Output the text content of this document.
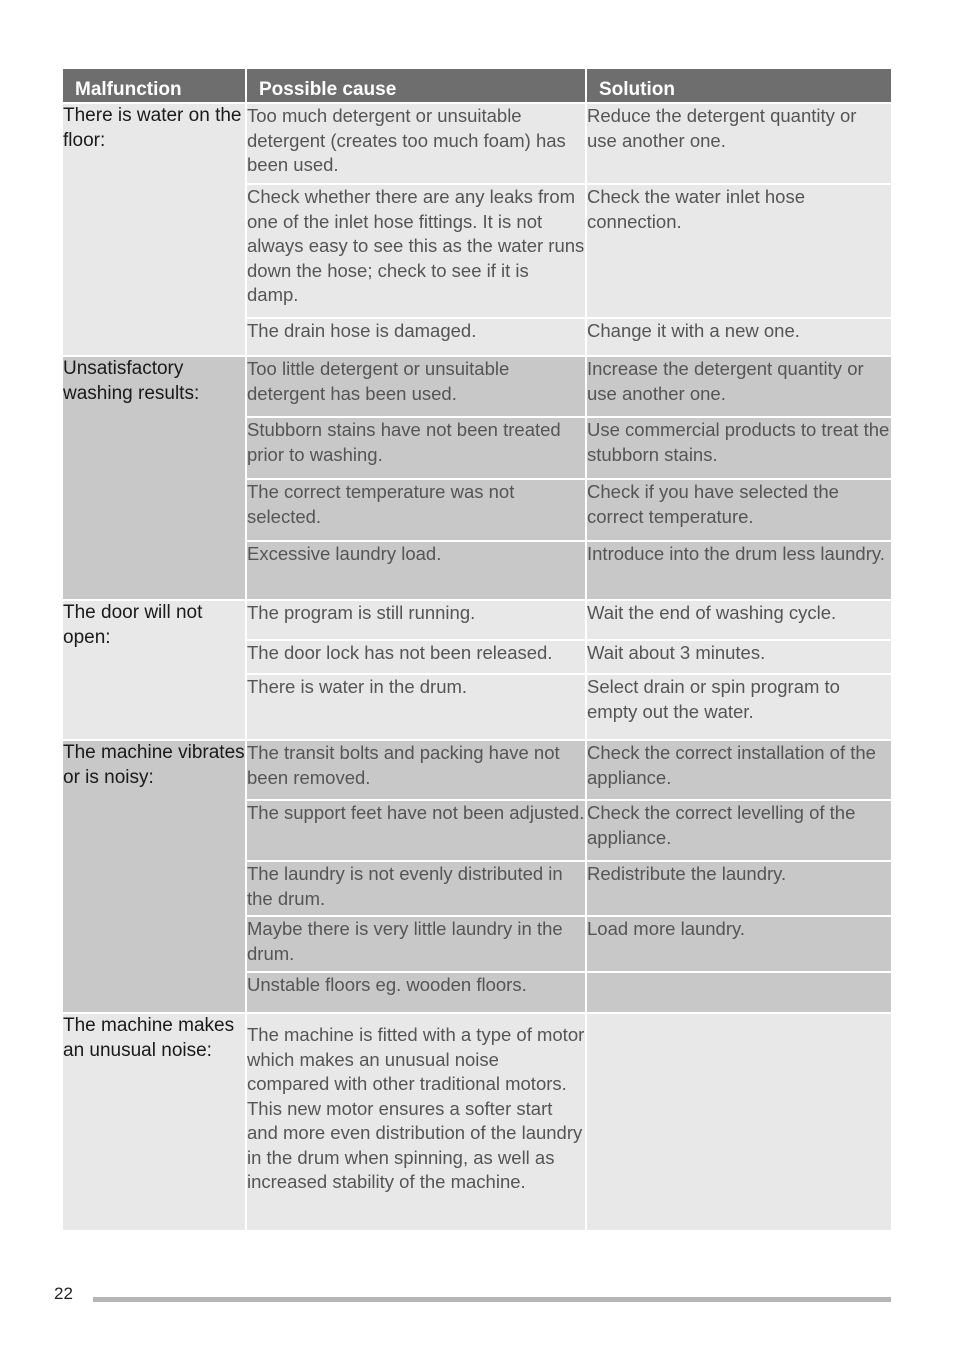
Malfunction	Possible cause	Solution
There is water on the floor:	Too much detergent or unsuitable detergent (creates too much foam) has been used.	Reduce the detergent quantity or use another one.
	Check whether there are any leaks from one of the inlet hose fittings. It is not always easy to see this as the water runs down the hose; check to see if it is damp.	Check the water inlet hose connection.
	The drain hose is damaged.	Change it with a new one.
Unsatisfactory washing results:	Too little detergent or unsuitable detergent has been used.	Increase the detergent quantity or use another one.
	Stubborn stains have not been treated prior to washing.	Use commercial products to treat the stubborn stains.
	The correct temperature was not selected.	Check if you have selected the correct temperature.
	Excessive laundry load.	Introduce into the drum less laundry.
The door will not open:	The program is still running.	Wait the end of washing cycle.
	The door lock has not been released.	Wait about 3 minutes.
	There is water in the drum.	Select drain or spin program to empty out the water.
The machine vibrates or is noisy:	The transit bolts and packing have not been removed.	Check the correct installation of the appliance.
	The support feet have not been adjusted.	Check the correct levelling of the appliance.
	The laundry is not evenly distributed in the drum.	Redistribute the laundry.
	Maybe there is very little laundry in the drum.	Load more laundry.
	Unstable floors eg. wooden floors.	
The machine makes an unusual noise:	The machine is fitted with a type of motor which makes an unusual noise compared with other traditional motors. This new motor ensures a softer start and more even distribution of the laundry in the drum when spinning, as well as increased stability of the machine.	
22
